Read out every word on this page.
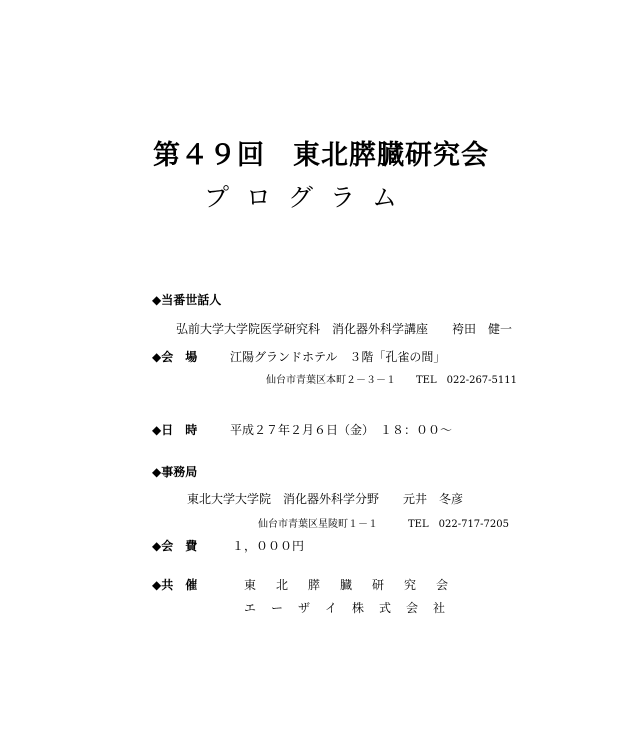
第４９回　東北膵臓研究会
プ ロ グ ラ ム
◆当番世話人
弘前大学大学院医学研究科　消化器外科学講座　　袴田　健一
◆会　場	江陽グランドホテル　３階「孔雀の間」
仙台市青葉区本町２－３－１　　TEL　022-267-5111
◆日　時	平成２７年２月６日（金）　１８：００～
◆事務局
東北大学大学院　消化器外科学分野　　元井　冬彦
仙台市青葉区星陵町１－１　　　TEL　022-717-7205
◆会　費	１，０００円
◆共　催	東 北 膵 臓 研 究 会
エ ー ザ イ 株 式 会 社
